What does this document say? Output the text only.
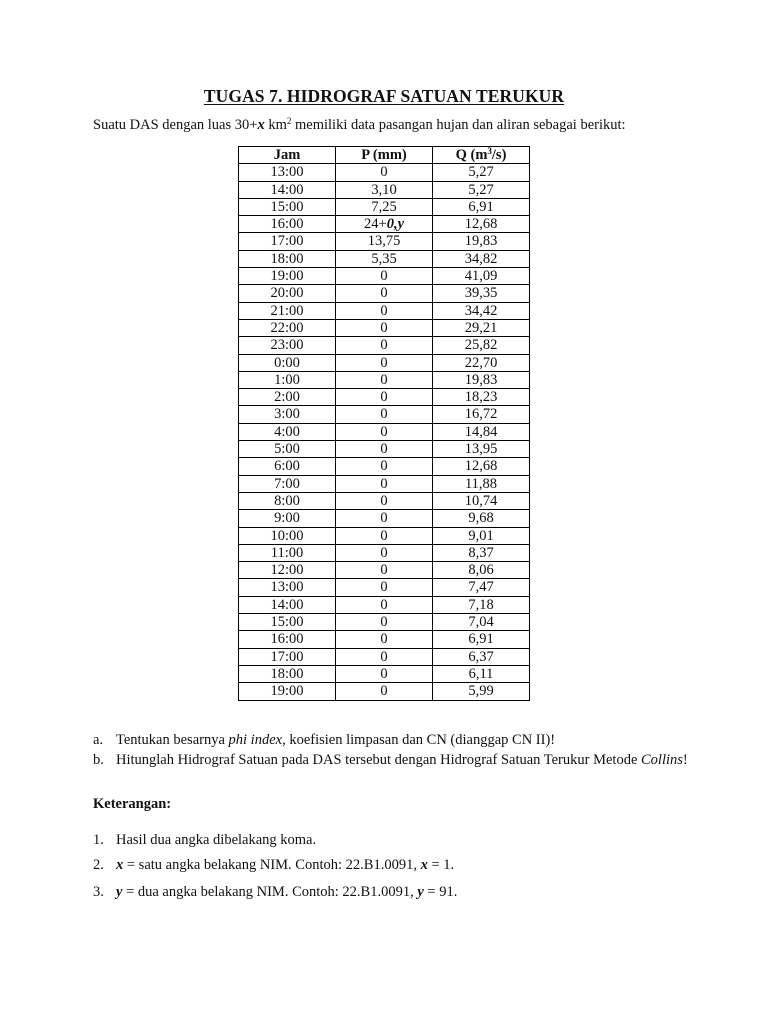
TUGAS 7. HIDROGRAF SATUAN TERUKUR
Suatu DAS dengan luas 30+x $km^2$ memiliki data pasangan hujan dan aliran sebagai berikut:
Jam	P (mm)	Q $(m^3/s)$
13:00	0	5,27
14:00	3,10	5,27
15:00	7,25	6,91
16:00	24+0,y	12,68
17:00	13,75	19,83
18:00	5,35	34,82
19:00	0	41,09
20:00	0	39,35
21:00	0	34,42
22:00	0	29,21
23:00	0	25,82
0:00	0	22,70
1:00	0	19,83
2:00	0	18,23
3:00	0	16,72
4:00	0	14,84
5:00	0	13,95
6:00	0	12,68
7:00	0	11,88
8:00	0	10,74
9:00	0	9,68
10:00	0	9,01
11:00	0	8,37
12:00	0	8,06
13:00	0	7,47
14:00	0	7,18
15:00	0	7,04
16:00	0	6,91
17:00	0	6,37
18:00	0	6,11
19:00	0	5,99
a. Tentukan besarnya phi index, koefisien limpasan dan CN (dianggap CN II)!
b. Hitunglah Hidrograf Satuan pada DAS tersebut dengan Hidrograf Satuan Terukur Metode Collins!
Keterangan:
1. Hasil dua angka dibelakang koma.
2. x = satu angka belakang NIM. Contoh: 22.B1.0091, x = 1.
3. y = dua angka belakang NIM. Contoh: 22.B1.0091, y = 91.
